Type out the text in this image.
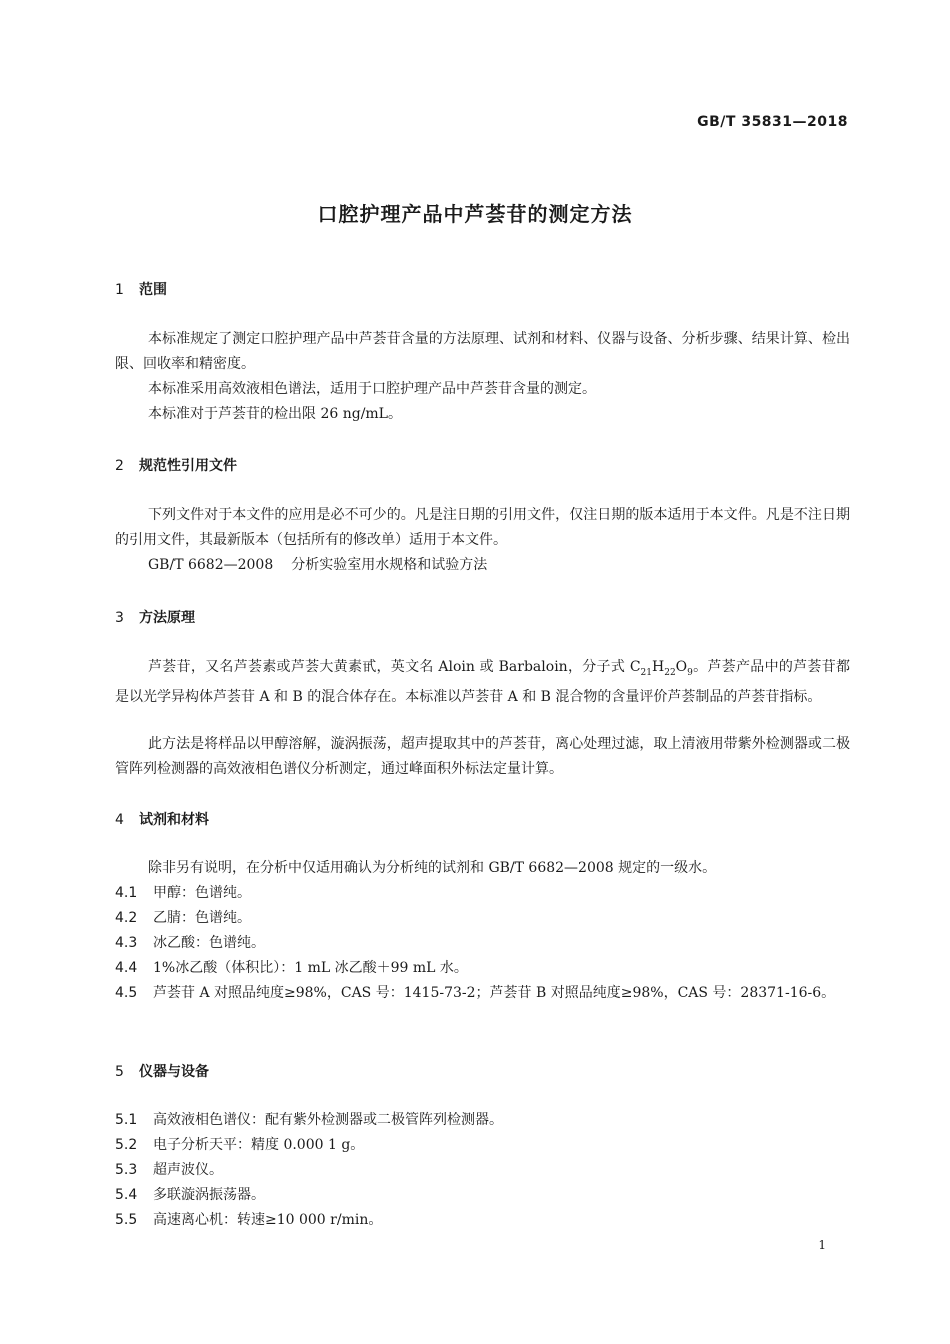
GB/T 35831—2018
口腔护理产品中芦荟苷的测定方法
1 范围

本标准规定了测定口腔护理产品中芦荟苷含量的方法原理、试剂和材料、仪器与设备、分析步骤、结果计算、检出限、回收率和精密度。

本标准采用高效液相色谱法，适用于口腔护理产品中芦荟苷含量的测定。
本标准对于芦荟苷的检出限 26 ng/mL。
2 规范性引用文件

下列文件对于本文件的应用是必不可少的。凡是注日期的引用文件，仅注日期的版本适用于本文件。凡是不注日期的引用文件，其最新版本（包括所有的修改单）适用于本文件。

GB/T 6682—2008 分析实验室用水规格和试验方法
3 方法原理

芦荟苷，又名芦荟素或芦荟大黄素甙，英文名 Aloin 或 Barbaloin，分子式 $C_{21}H_{22}O_9$。芦荟产品中的芦荟苷都是以光学异构体芦荟苷 A 和 B 的混合体存在。本标准以芦荟苷 A 和 B 混合物的含量评价芦荟制品的芦荟苷指标。

此方法是将样品以甲醇溶解，漩涡振荡，超声提取其中的芦荟苷，离心处理过滤，取上清液用带紫外检测器或二极管阵列检测器的高效液相色谱仪分析测定，通过峰面积外标法定量计算。

4 试剂和材料
除非另有说明，在分析中仅适用确认为分析纯的试剂和 GB/T 6682—2008 规定的一级水。
4.1 甲醇：色谱纯。
4.2 乙腈：色谱纯。
4.3 冰乙酸：色谱纯。
4.4 1%冰乙酸（体积比）：1 mL 冰乙酸＋99 mL 水。
4.5 芦荟苷 A 对照品纯度≥98%，CAS 号：1415-73-2；芦荟苷 B 对照品纯度≥98%，CAS 号：28371-16-6。
5 仪器与设备
5.1 高效液相色谱仪：配有紫外检测器或二极管阵列检测器。
5.2 电子分析天平：精度 0.000 1 g。
5.3 超声波仪。
5.4 多联漩涡振荡器。
5.5 高速离心机：转速≥10 000 r/min。
1
